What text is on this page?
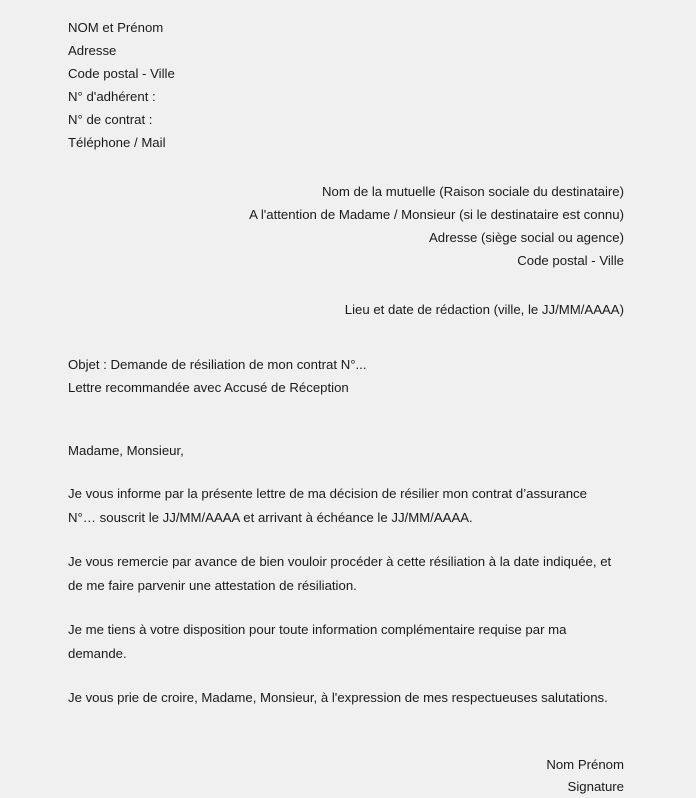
NOM et Prénom

Adresse

Code postal - Ville

N° d'adhérent :

N° de contrat :

Téléphone / Mail

Nom de la mutuelle (Raison sociale du destinataire)

A l'attention de Madame / Monsieur (si le destinataire est connu)

Adresse (siège social ou agence)

Code postal - Ville

Lieu et date de rédaction (ville, le JJ/MM/AAAA)

Objet : Demande de résiliation de mon contrat N°...

Lettre recommandée avec Accusé de Réception

Madame, Monsieur,

Je vous informe par la présente lettre de ma décision de résilier mon contrat d’assurance

N°… souscrit le JJ/MM/AAAA et arrivant à échéance le JJ/MM/AAAA.

Je vous remercie par avance de bien vouloir procéder à cette résiliation à la date indiquée, et

de me faire parvenir une attestation de résiliation.

Je me tiens à votre disposition pour toute information complémentaire requise par ma

demande.

Je vous prie de croire, Madame, Monsieur, à l'expression de mes respectueuses salutations.

Nom Prénom

Signature
